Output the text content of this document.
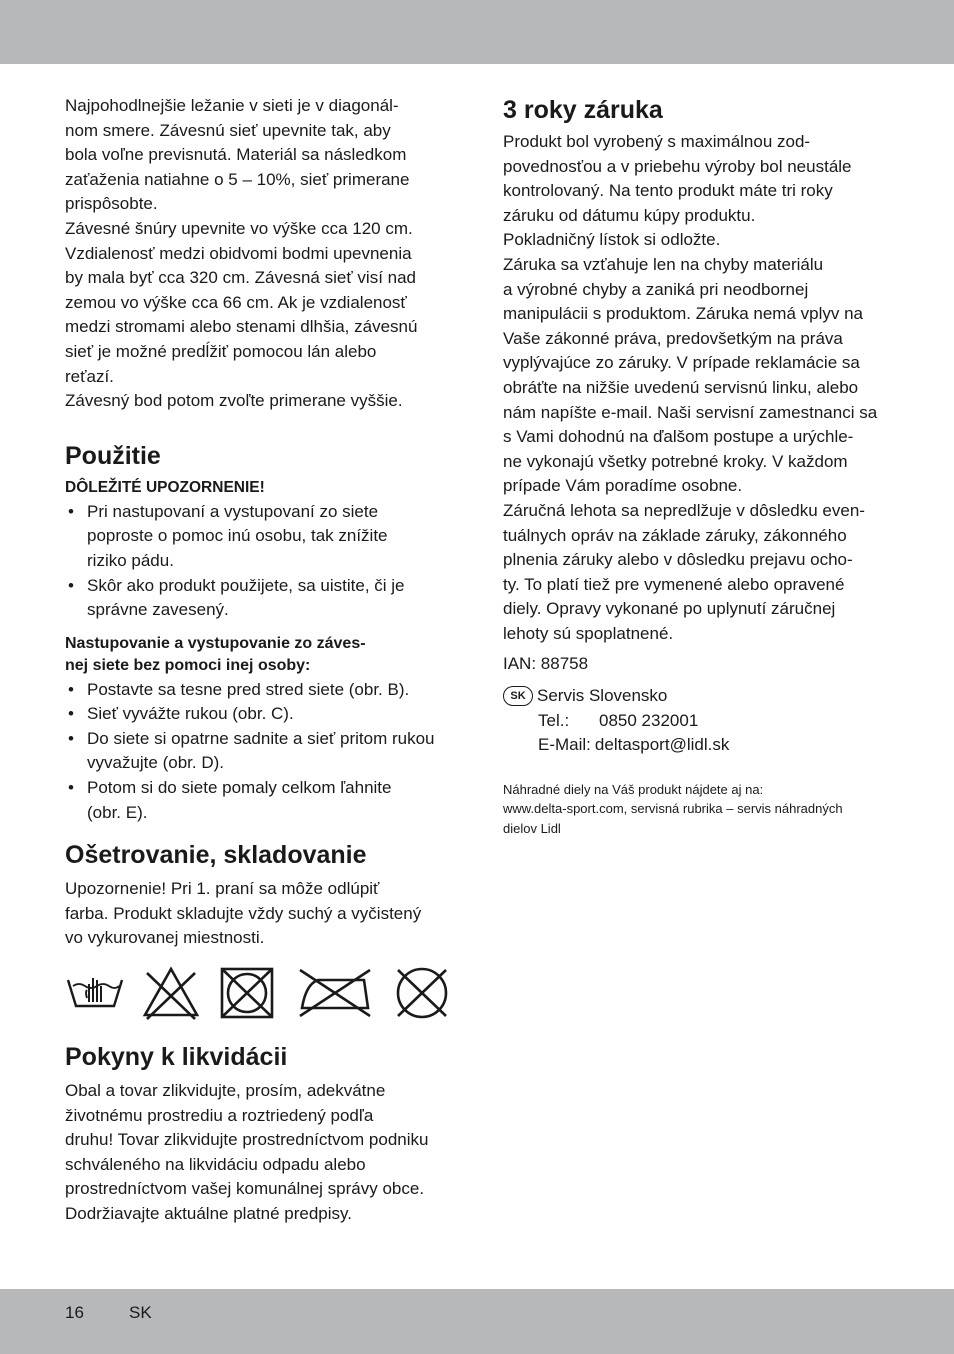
Najpohodlnejšie ležanie v sieti je v diagonál-
nom smere. Závesnú sieť upevnite tak, aby
bola voľne previsnutá. Materiál sa následkom
zaťaženia natiahne o 5 – 10%, sieť primerane
prispôsobte.
Závesné šnúry upevnite vo výške cca 120 cm.
Vzdialenosť medzi obidvomi bodmi upevnenia
by mala byť cca 320 cm. Závesná sieť visí nad
zemou vo výške cca 66 cm. Ak je vzdialenosť
medzi stromami alebo stenami dlhšia, závesnú
sieť je možné predĺžiť pomocou lán alebo
reťazí.
Závesný bod potom zvoľte primerane vyššie.

Použitie
DÔLEŽITÉ UPOZORNENIE!
• Pri nastupovaní a vystupovaní zo siete
poproste o pomoc inú osobu, tak znížite
riziko pádu.
• Skôr ako produkt použijete, sa uistite, či je
správne zavesený.
Nastupovanie a vystupovanie zo záves-
nej siete bez pomoci inej osoby:
• Postavte sa tesne pred stred siete (obr. B).
• Sieť vyvážte rukou (obr. C).
• Do siete si opatrne sadnite a sieť pritom rukou
vyvažujte (obr. D).
• Potom si do siete pomaly celkom ľahnite
(obr. E).
Ošetrovanie, skladovanie

Upozornenie! Pri 1. praní sa môže odlúpiť
farba. Produkt skladujte vždy suchý a vyčistený
vo vykurovanej miestnosti.

Pokyny k likvidácii

Obal a tovar zlikvidujte, prosím, adekvátne
životnému prostrediu a roztriedený podľa
druhu! Tovar zlikvidujte prostredníctvom podniku
schváleného na likvidáciu odpadu alebo
prostredníctvom vašej komunálnej správy obce.
Dodržiavajte aktuálne platné predpisy.

3 roky záruka

Produkt bol vyrobený s maximálnou zod-
povednosťou a v priebehu výroby bol neustále
kontrolovaný. Na tento produkt máte tri roky
záruku od dátumu kúpy produktu.
Pokladničný lístok si odložte.
Záruka sa vzťahuje len na chyby materiálu
a výrobné chyby a zaniká pri neodbornej
manipulácii s produktom. Záruka nemá vplyv na
Vaše zákonné práva, predovšetkým na práva
vyplývajúce zo záruky. V prípade reklamácie sa
obráťte na nižšie uvedenú servisnú linku, alebo
nám napíšte e-mail. Naši servisní zamestnanci sa
s Vami dohodnú na ďalšom postupe a urýchle-
ne vykonajú všetky potrebné kroky. V každom
prípade Vám poradíme osobne.
Záručná lehota sa nepredlžuje v dôsledku even-
tuálnych opráv na základe záruky, zákonného
plnenia záruky alebo v dôsledku prejavu ocho-
ty. To platí tiež pre vymenené alebo opravené
diely. Opravy vykonané po uplynutí záručnej
lehoty sú spoplatnené.

IAN: 88758

SK Servis Slovensko

Tel.:	0850 232001
E-Mail: deltasport@lidl.sk

Náhradné diely na Váš produkt nájdete aj na:
www.delta-sport.com, servisná rubrika – servis náhradných
dielov Lidl

16	SK
